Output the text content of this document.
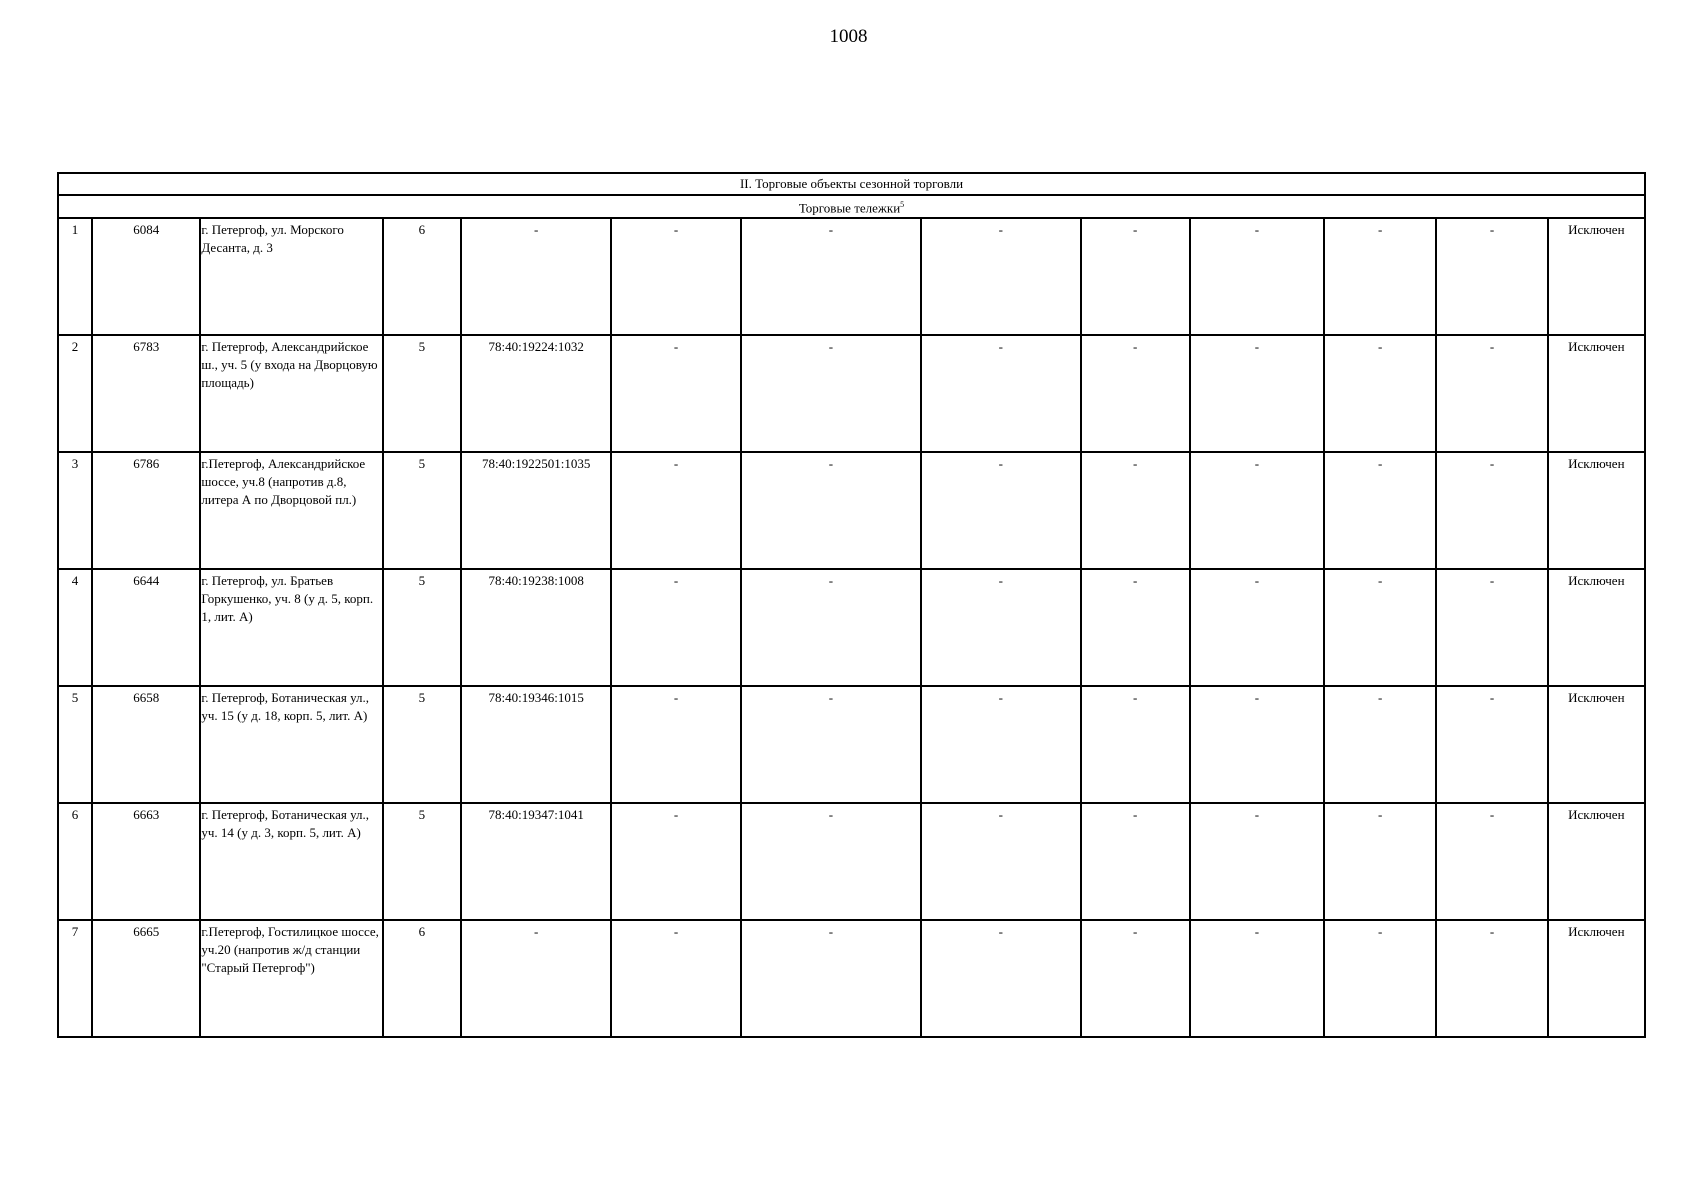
1008
II. Торговые объекты сезонной торговли												
Торговые тележки$^5$
1	6084	г. Петергоф, ул. Морского Десанта, д. 3	6	-	-	-	-	-	-	-	-	Исключен
2	6783	г. Петергоф, Александрийское ш., уч. 5 (у входа на Дворцовую площадь)	5	78:40:19224:1032	-	-	-	-	-	-	-	Исключен
3	6786	г.Петергоф, Александрийское шоссе, уч.8 (напротив д.8, литера А по Дворцовой пл.)	5	78:40:1922501:1035	-	-	-	-	-	-	-	Исключен
4	6644	г. Петергоф, ул. Братьев Горкушенко, уч. 8 (у д. 5, корп. 1, лит. А)	5	78:40:19238:1008	-	-	-	-	-	-	-	Исключен
5	6658	г. Петергоф, Ботаническая ул., уч. 15 (у д. 18, корп. 5, лит. А)	5	78:40:19346:1015	-	-	-	-	-	-	-	Исключен
6	6663	г. Петергоф, Ботаническая ул., уч. 14 (у д. 3, корп. 5, лит. А)	5	78:40:19347:1041	-	-	-	-	-	-	-	Исключен
7	6665	г.Петергоф, Гостилицкое шоссе, уч.20 (напротив ж/д станции "Старый Петергоф")	6	-	-	-	-	-	-	-	-	Исключен
